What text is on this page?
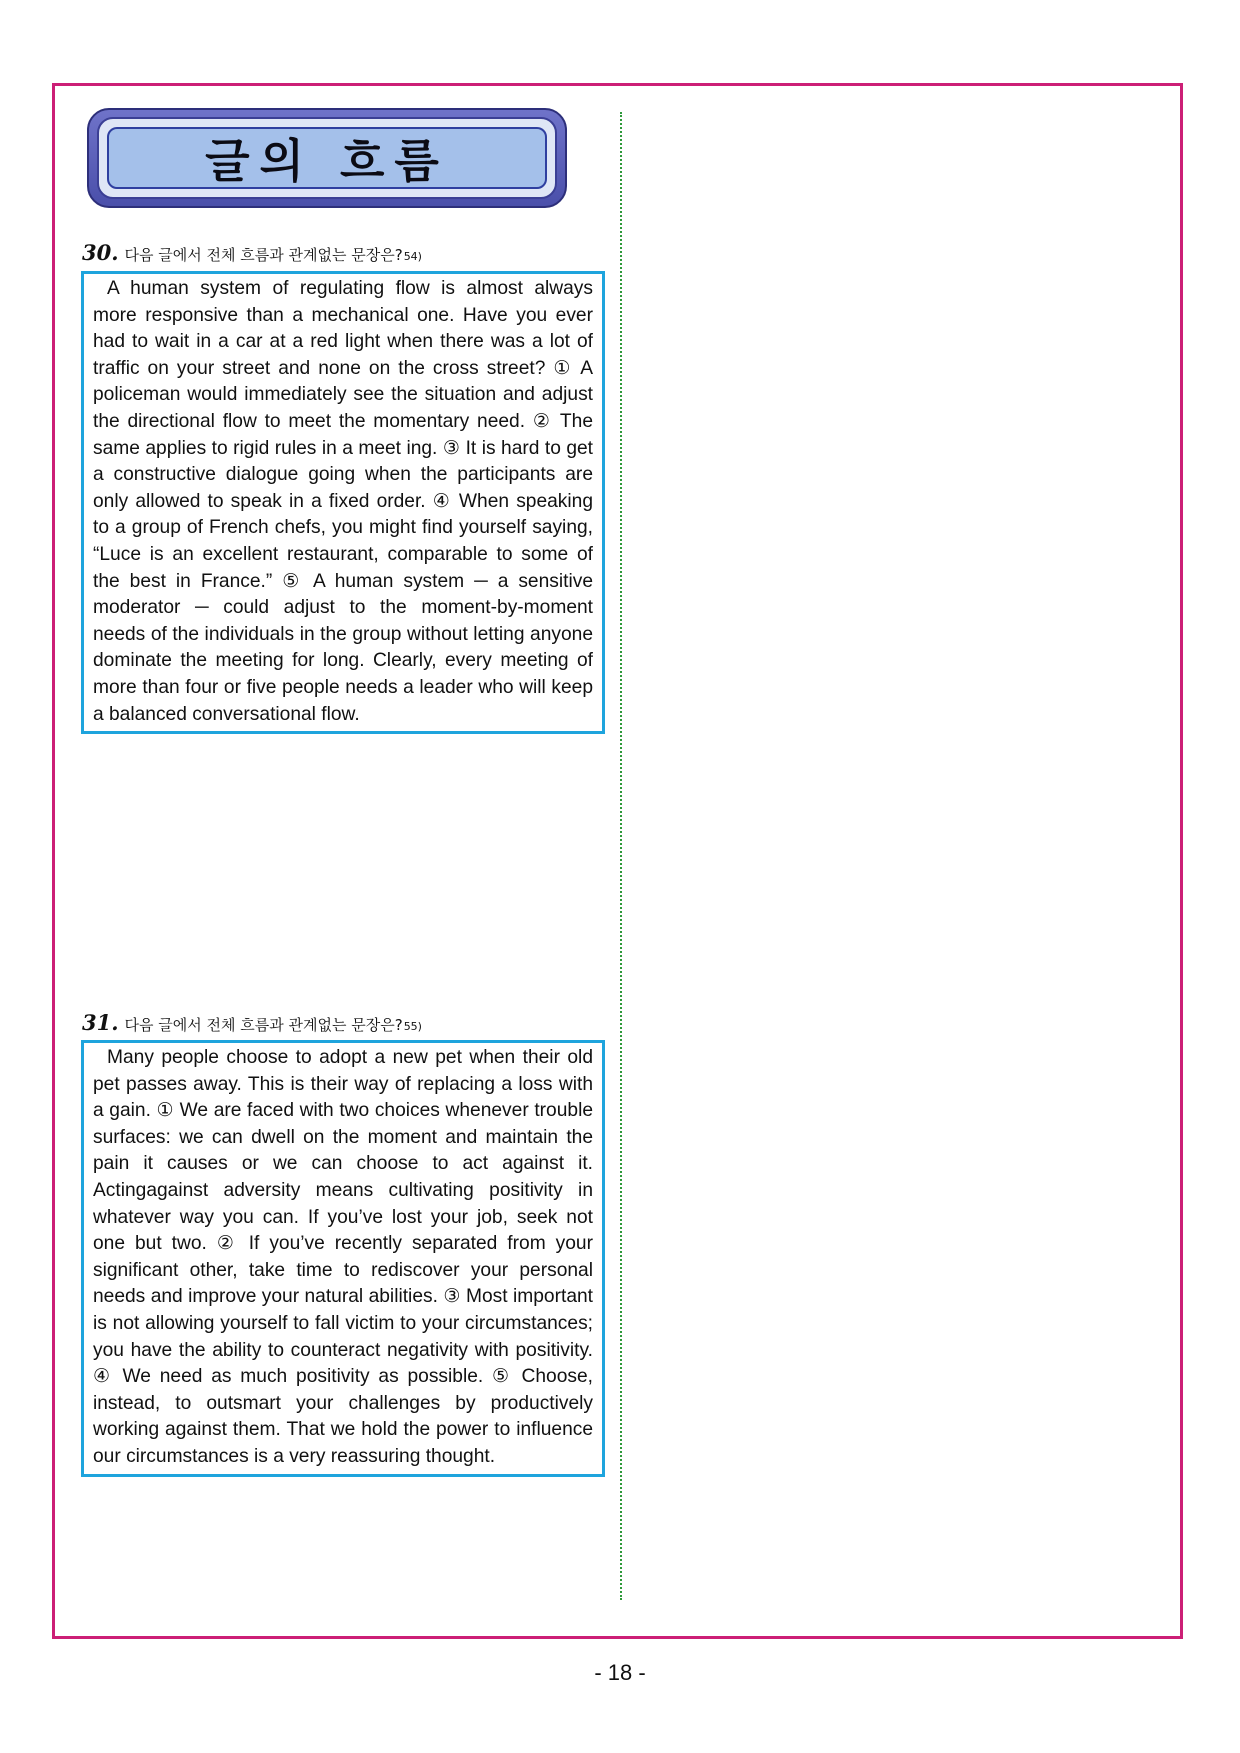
글의 흐름
30. 다음 글에서 전체 흐름과 관계없는 문장은? 54)

A human system of regulating flow is almost always more responsive than a mechanical one. Have you ever had to wait in a car at a red light when there was a lot of traffic on your street and none on the cross street? ① A policeman would immediately see the situation and adjust the directional flow to meet the momentary need. ② The same applies to rigid rules in a meet ing. ③ It is hard to get a constructive dialogue going when the participants are only allowed to speak in a fixed order. ④ When speaking to a group of French chefs, you might find yourself saying, “Luce is an excellent restaurant, comparable to some of the best in France.” ⑤ A human system ─ a sensitive moderator ─ could adjust to the moment-by-moment needs of the individuals in the group without letting anyone dominate the meeting for long. Clearly, every meeting of more than four or five people needs a leader who will keep a balanced conversational flow.

31. 다음 글에서 전체 흐름과 관계없는 문장은? 55)

Many people choose to adopt a new pet when their old pet passes away. This is their way of replacing a loss with a gain. ① We are faced with two choices whenever trouble surfaces: we can dwell on the moment and maintain the pain it causes or we can choose to act against it. Actingagainst adversity means cultivating positivity in whatever way you can. If you’ve lost your job, seek not one but two. ② If you’ve recently separated from your significant other, take time to rediscover your personal needs and improve your natural abilities. ③ Most important is not allowing yourself to fall victim to your circumstances; you have the ability to counteract negativity with positivity. ④ We need as much positivity as possible. ⑤ Choose, instead, to outsmart your challenges by productively working against them. That we hold the power to influence our circumstances is a very reassuring thought.

- 18 -
